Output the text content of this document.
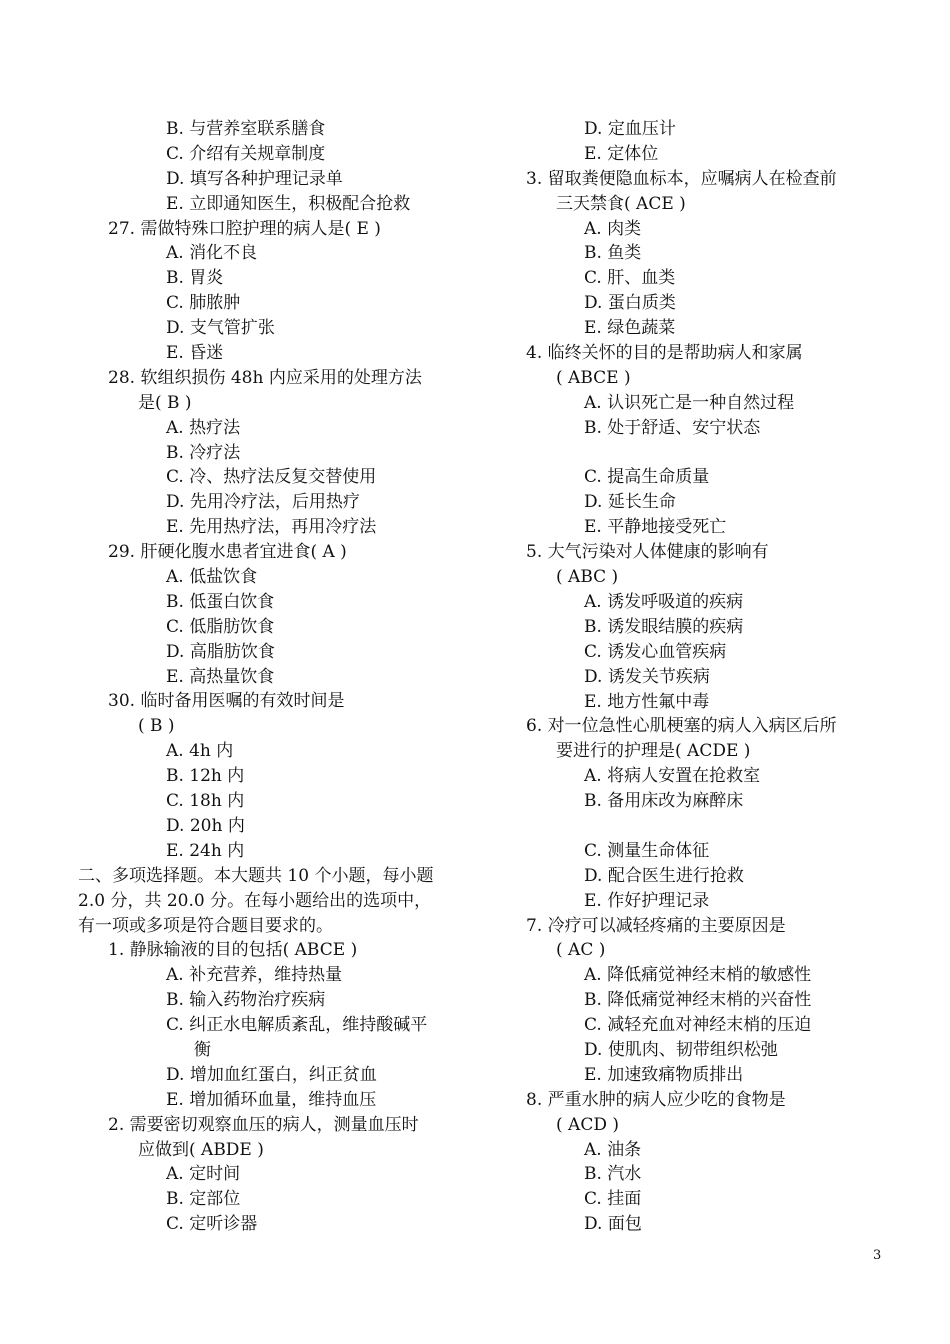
B. 与营养室联系膳食
C. 介绍有关规章制度
D. 填写各种护理记录单
E. 立即通知医生，积极配合抢救
27. 需做特殊口腔护理的病人是( E )
A. 消化不良
B. 胃炎
C. 肺脓肿
D. 支气管扩张
E. 昏迷
28. 软组织损伤 48h 内应采用的处理方法
是( B )
A. 热疗法
B. 冷疗法
C. 冷、热疗法反复交替使用
D. 先用冷疗法，后用热疗
E. 先用热疗法，再用冷疗法
29. 肝硬化腹水患者宜进食( A )
A. 低盐饮食
B. 低蛋白饮食
C. 低脂肪饮食
D. 高脂肪饮食
E. 高热量饮食
30. 临时备用医嘱的有效时间是
( B )
A. 4h 内
B. 12h 内
C. 18h 内
D. 20h 内
E. 24h 内
二、多项选择题。本大题共 10 个小题，每小题
2.0 分，共 20.0 分。在每小题给出的选项中，
有一项或多项是符合题目要求的。
1. 静脉输液的目的包括( ABCE )
A. 补充营养，维持热量
B. 输入药物治疗疾病
C. 纠正水电解质紊乱，维持酸碱平
衡
D. 增加血红蛋白，纠正贫血
E. 增加循环血量，维持血压
2. 需要密切观察血压的病人，测量血压时
应做到( ABDE )
A. 定时间
B. 定部位
C. 定听诊器
D. 定血压计
E. 定体位
3. 留取粪便隐血标本，应嘱病人在检查前
三天禁食( ACE )
A. 肉类
B. 鱼类
C. 肝、血类
D. 蛋白质类
E. 绿色蔬菜
4. 临终关怀的目的是帮助病人和家属
( ABCE )
A. 认识死亡是一种自然过程
B. 处于舒适、安宁状态
C. 提高生命质量
D. 延长生命
E. 平静地接受死亡
5. 大气污染对人体健康的影响有
( ABC )
A. 诱发呼吸道的疾病
B. 诱发眼结膜的疾病
C. 诱发心血管疾病
D. 诱发关节疾病
E. 地方性氟中毒
6. 对一位急性心肌梗塞的病人入病区后所
要进行的护理是( ACDE )
A. 将病人安置在抢救室
B. 备用床改为麻醉床
C. 测量生命体征
D. 配合医生进行抢救
E. 作好护理记录
7. 冷疗可以减轻疼痛的主要原因是
( AC )
A. 降低痛觉神经末梢的敏感性
B. 降低痛觉神经末梢的兴奋性
C. 减轻充血对神经末梢的压迫
D. 使肌肉、韧带组织松弛
E. 加速致痛物质排出
8. 严重水肿的病人应少吃的食物是
( ACD )
A. 油条
B. 汽水
C. 挂面
D. 面包
3
